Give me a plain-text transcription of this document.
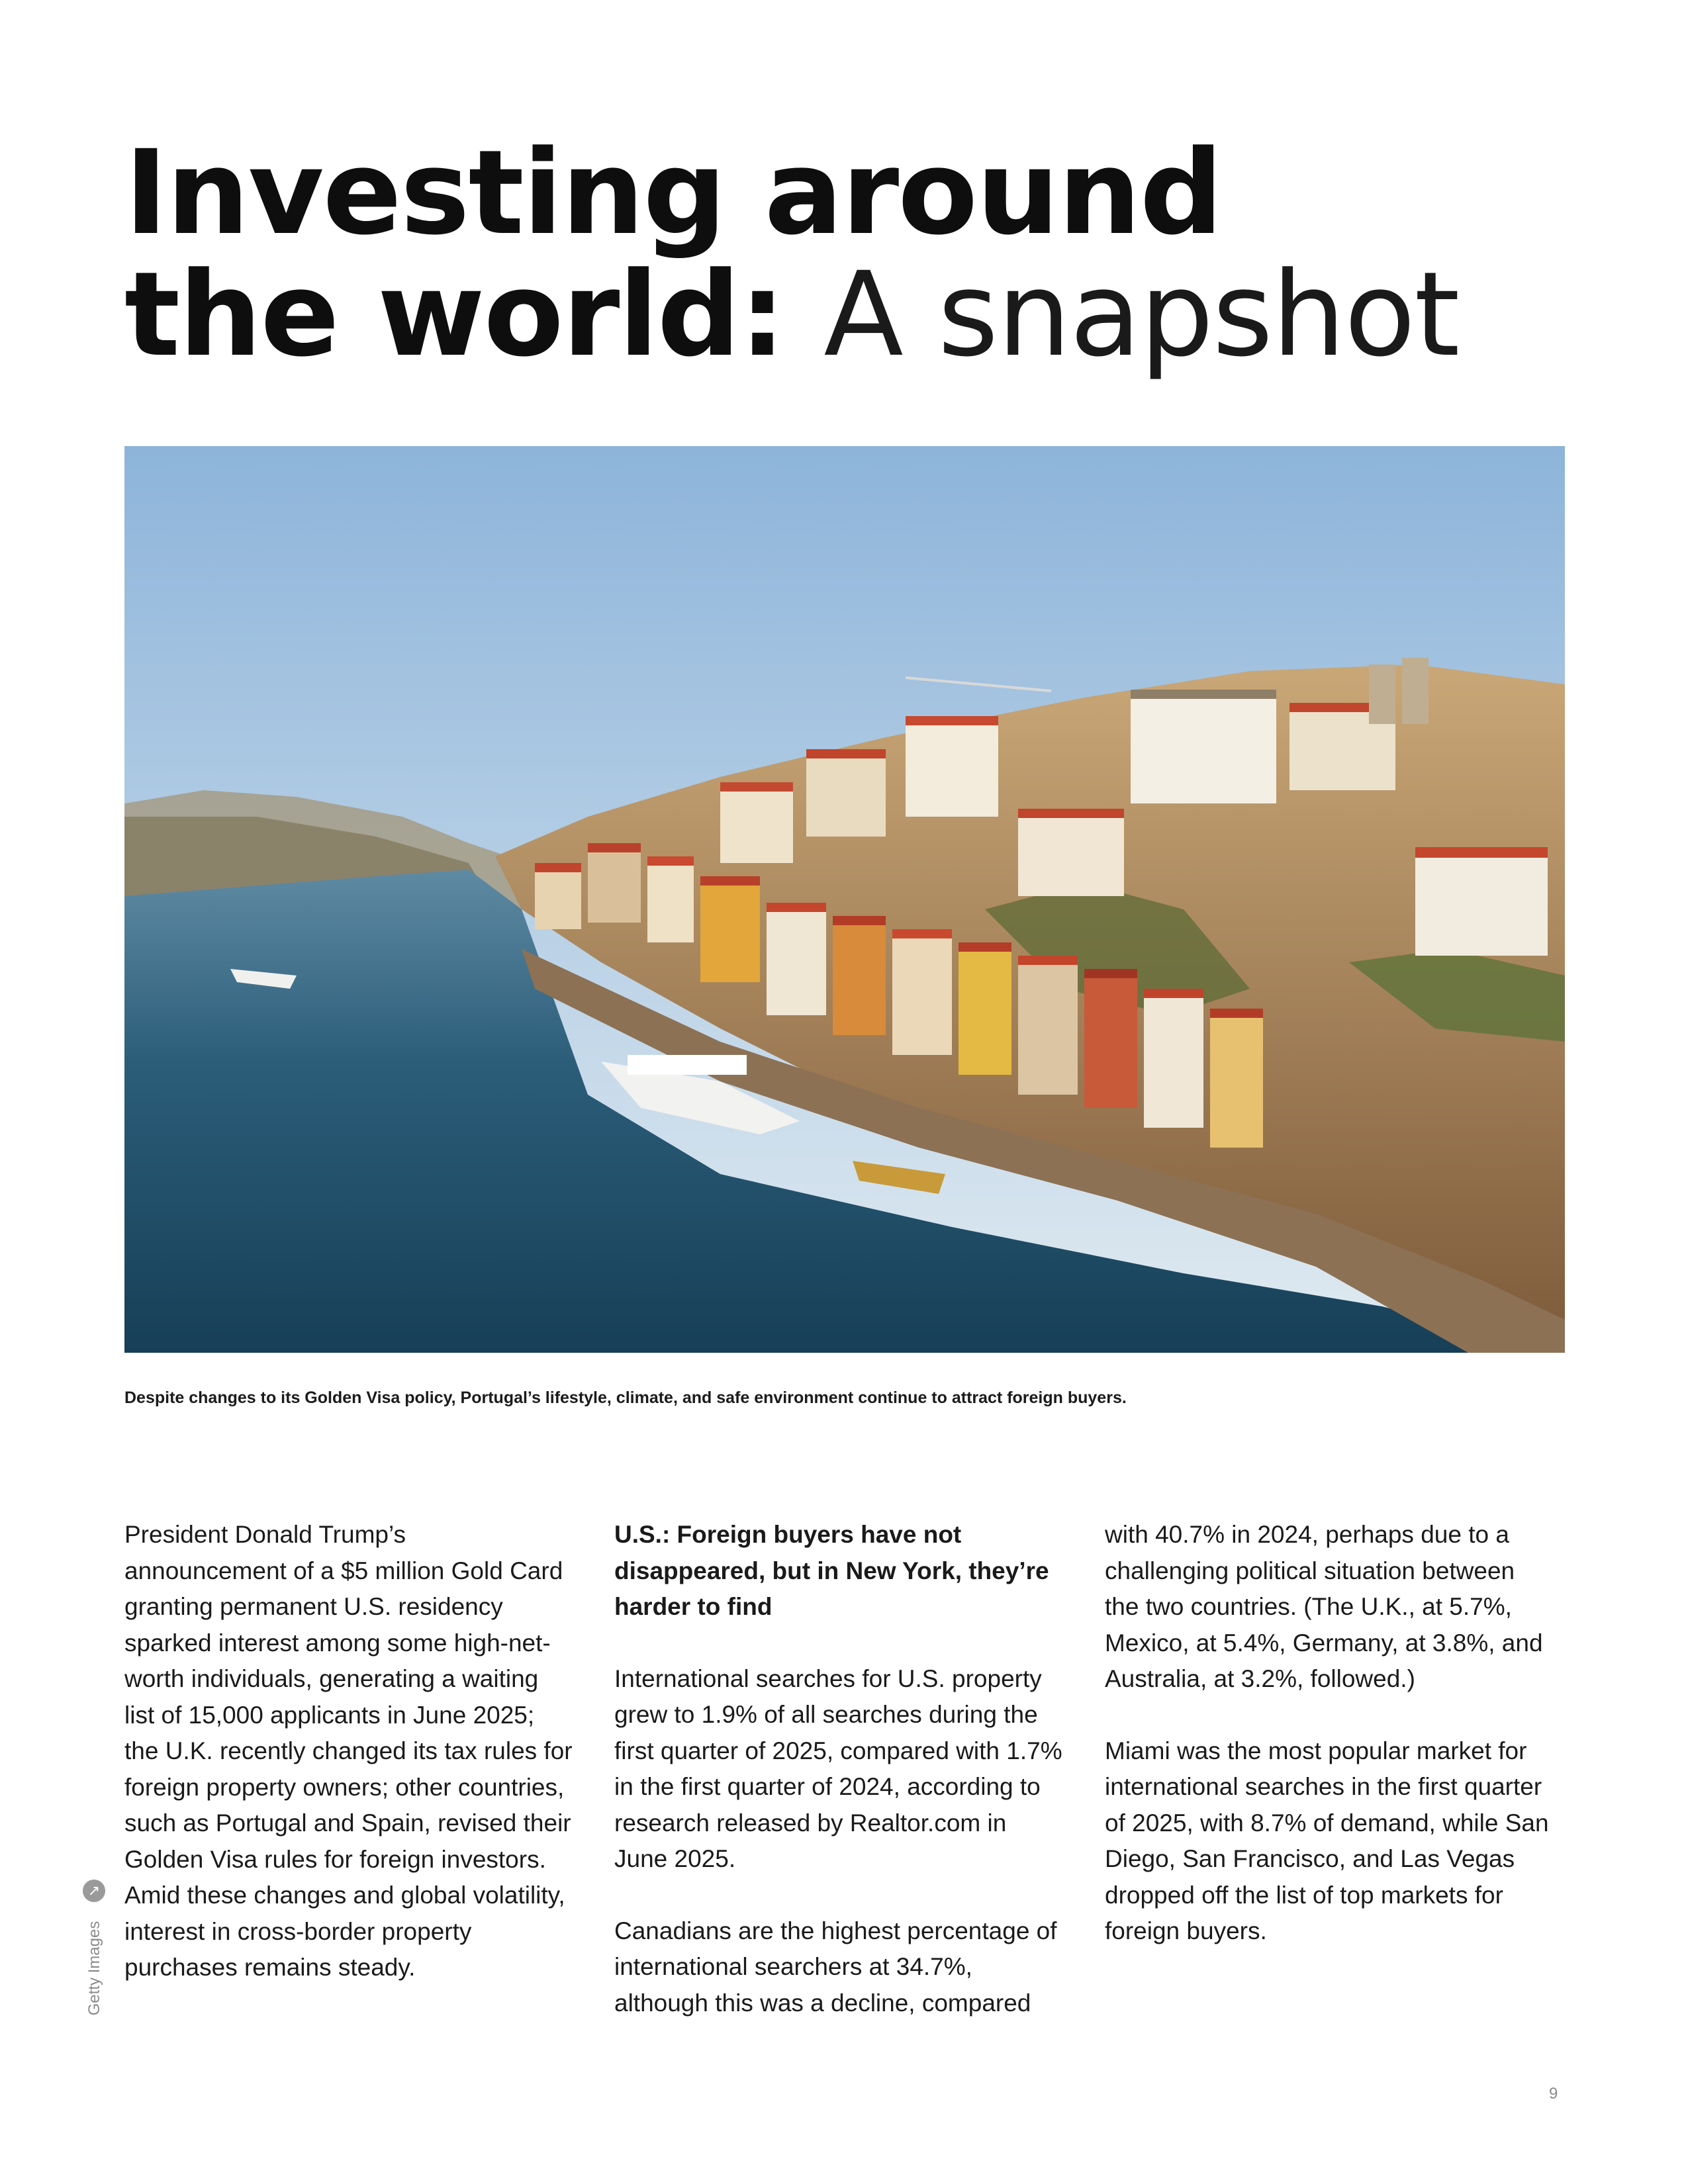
Investing around
the world: A snapshot

Despite changes to its Golden Visa policy, Portugal’s lifestyle, climate, and safe environment continue to attract foreign buyers.

↗
Getty Images

President Donald Trump’s announcement of a $5 million Gold Card granting permanent U.S. residency sparked interest among some high-net-worth individuals, generating a waiting list of 15,000 applicants in June 2025; the U.K. recently changed its tax rules for foreign property owners; other countries, such as Portugal and Spain, revised their Golden Visa rules for foreign investors. Amid these changes and global volatility, interest in cross-border property purchases remains steady.

U.S.: Foreign buyers have not disappeared, but in New York, they’re harder to find

International searches for U.S. property grew to 1.9% of all searches during the first quarter of 2025, compared with 1.7% in the first quarter of 2024, according to research released by Realtor.com in June 2025.

Canadians are the highest percentage of international searchers at 34.7%, although this was a decline, compared

with 40.7% in 2024, perhaps due to a challenging political situation between the two countries. (The U.K., at 5.7%, Mexico, at 5.4%, Germany, at 3.8%, and Australia, at 3.2%, followed.)

Miami was the most popular market for international searches in the first quarter of 2025, with 8.7% of demand, while San Diego, San Francisco, and Las Vegas dropped off the list of top markets for foreign buyers.

9
